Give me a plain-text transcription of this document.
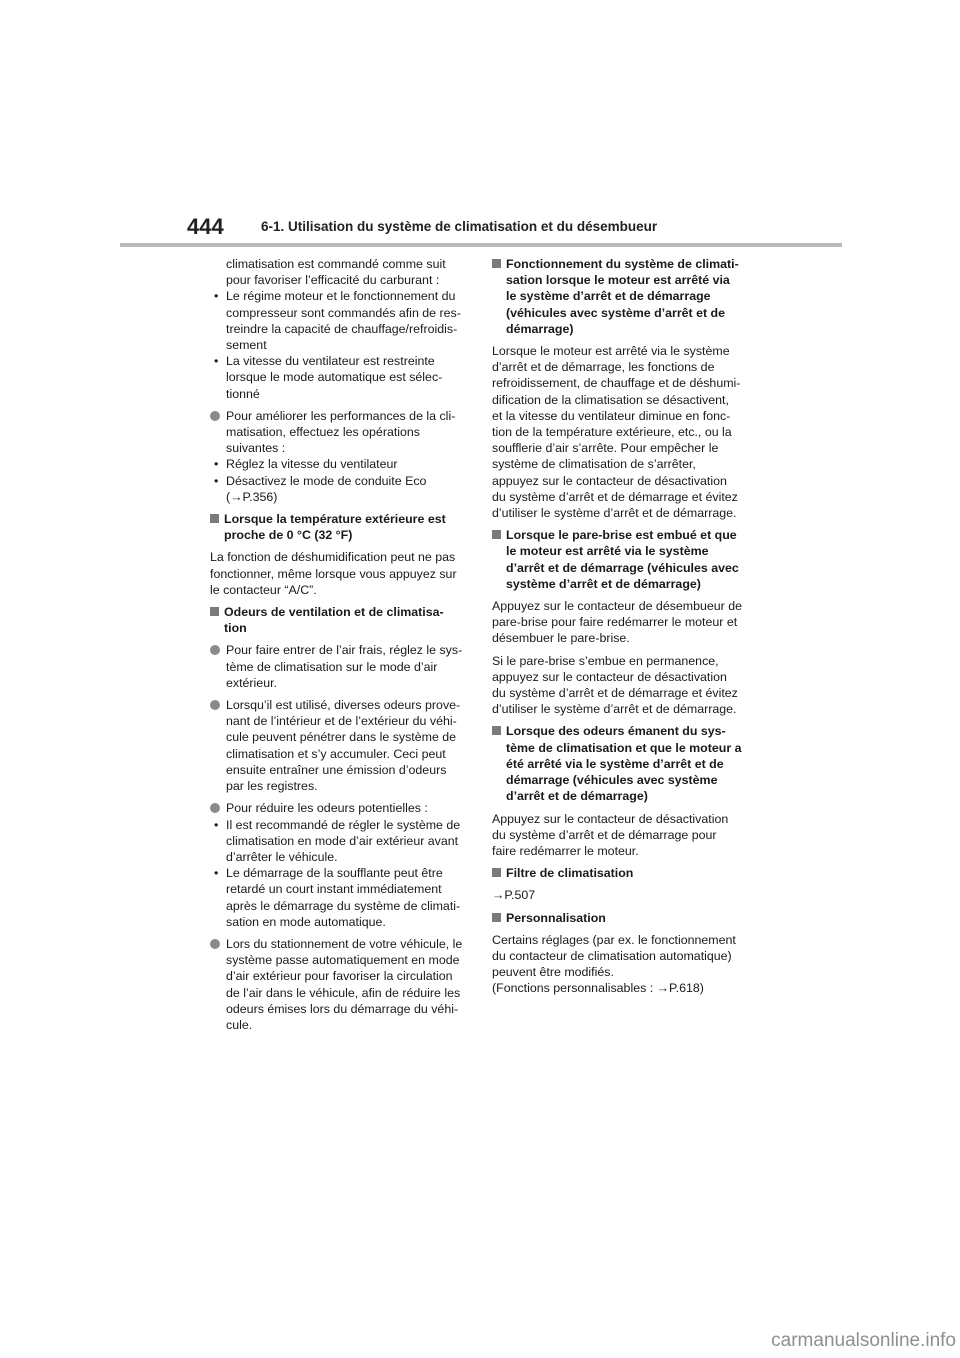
444	6-1. Utilisation du système de climatisation et du désembueur
climatisation est commandé comme suit
pour favoriser l’efficacité du carburant :
• Le régime moteur et le fonctionnement du
compresseur sont commandés afin de res-
treindre la capacité de chauffage/refroidis-
sement
• La vitesse du ventilateur est restreinte
lorsque le mode automatique est sélec-
tionné
Pour améliorer les performances de la cli-
matisation, effectuez les opérations
suivantes :
• Réglez la vitesse du ventilateur
• Désactivez le mode de conduite Eco
(→P.356)
Lorsque la température extérieure est
proche de 0 °C (32 °F)
La fonction de déshumidification peut ne pas
fonctionner, même lorsque vous appuyez sur
le contacteur “A/C”.
Odeurs de ventilation et de climatisa-
tion
Pour faire entrer de l’air frais, réglez le sys-
tème de climatisation sur le mode d’air
extérieur.
Lorsqu’il est utilisé, diverses odeurs prove-
nant de l’intérieur et de l’extérieur du véhi-
cule peuvent pénétrer dans le système de
climatisation et s’y accumuler. Ceci peut
ensuite entraîner une émission d’odeurs
par les registres.
Pour réduire les odeurs potentielles :
• Il est recommandé de régler le système de
climatisation en mode d’air extérieur avant
d’arrêter le véhicule.
• Le démarrage de la soufflante peut être
retardé un court instant immédiatement
après le démarrage du système de climati-
sation en mode automatique.
Lors du stationnement de votre véhicule, le
système passe automatiquement en mode
d’air extérieur pour favoriser la circulation
de l’air dans le véhicule, afin de réduire les
odeurs émises lors du démarrage du véhi-
cule.
Fonctionnement du système de climati-
sation lorsque le moteur est arrêté via
le système d’arrêt et de démarrage
(véhicules avec système d’arrêt et de
démarrage)
Lorsque le moteur est arrêté via le système
d’arrêt et de démarrage, les fonctions de
refroidissement, de chauffage et de déshumi-
dification de la climatisation se désactivent,
et la vitesse du ventilateur diminue en fonc-
tion de la température extérieure, etc., ou la
soufflerie d’air s’arrête. Pour empêcher le
système de climatisation de s’arrêter,
appuyez sur le contacteur de désactivation
du système d’arrêt et de démarrage et évitez
d’utiliser le système d’arrêt et de démarrage.
Lorsque le pare-brise est embué et que
le moteur est arrêté via le système
d’arrêt et de démarrage (véhicules avec
système d’arrêt et de démarrage)
Appuyez sur le contacteur de désembueur de
pare-brise pour faire redémarrer le moteur et
désembuer le pare-brise.
Si le pare-brise s’embue en permanence,
appuyez sur le contacteur de désactivation
du système d’arrêt et de démarrage et évitez
d’utiliser le système d’arrêt et de démarrage.
Lorsque des odeurs émanent du sys-
tème de climatisation et que le moteur a
été arrêté via le système d’arrêt et de
démarrage (véhicules avec système
d’arrêt et de démarrage)
Appuyez sur le contacteur de désactivation
du système d’arrêt et de démarrage pour
faire redémarrer le moteur.
Filtre de climatisation
→P.507
Personnalisation
Certains réglages (par ex. le fonctionnement
du contacteur de climatisation automatique)
peuvent être modifiés.
(Fonctions personnalisables : →P.618)
carmanualsonline.info
